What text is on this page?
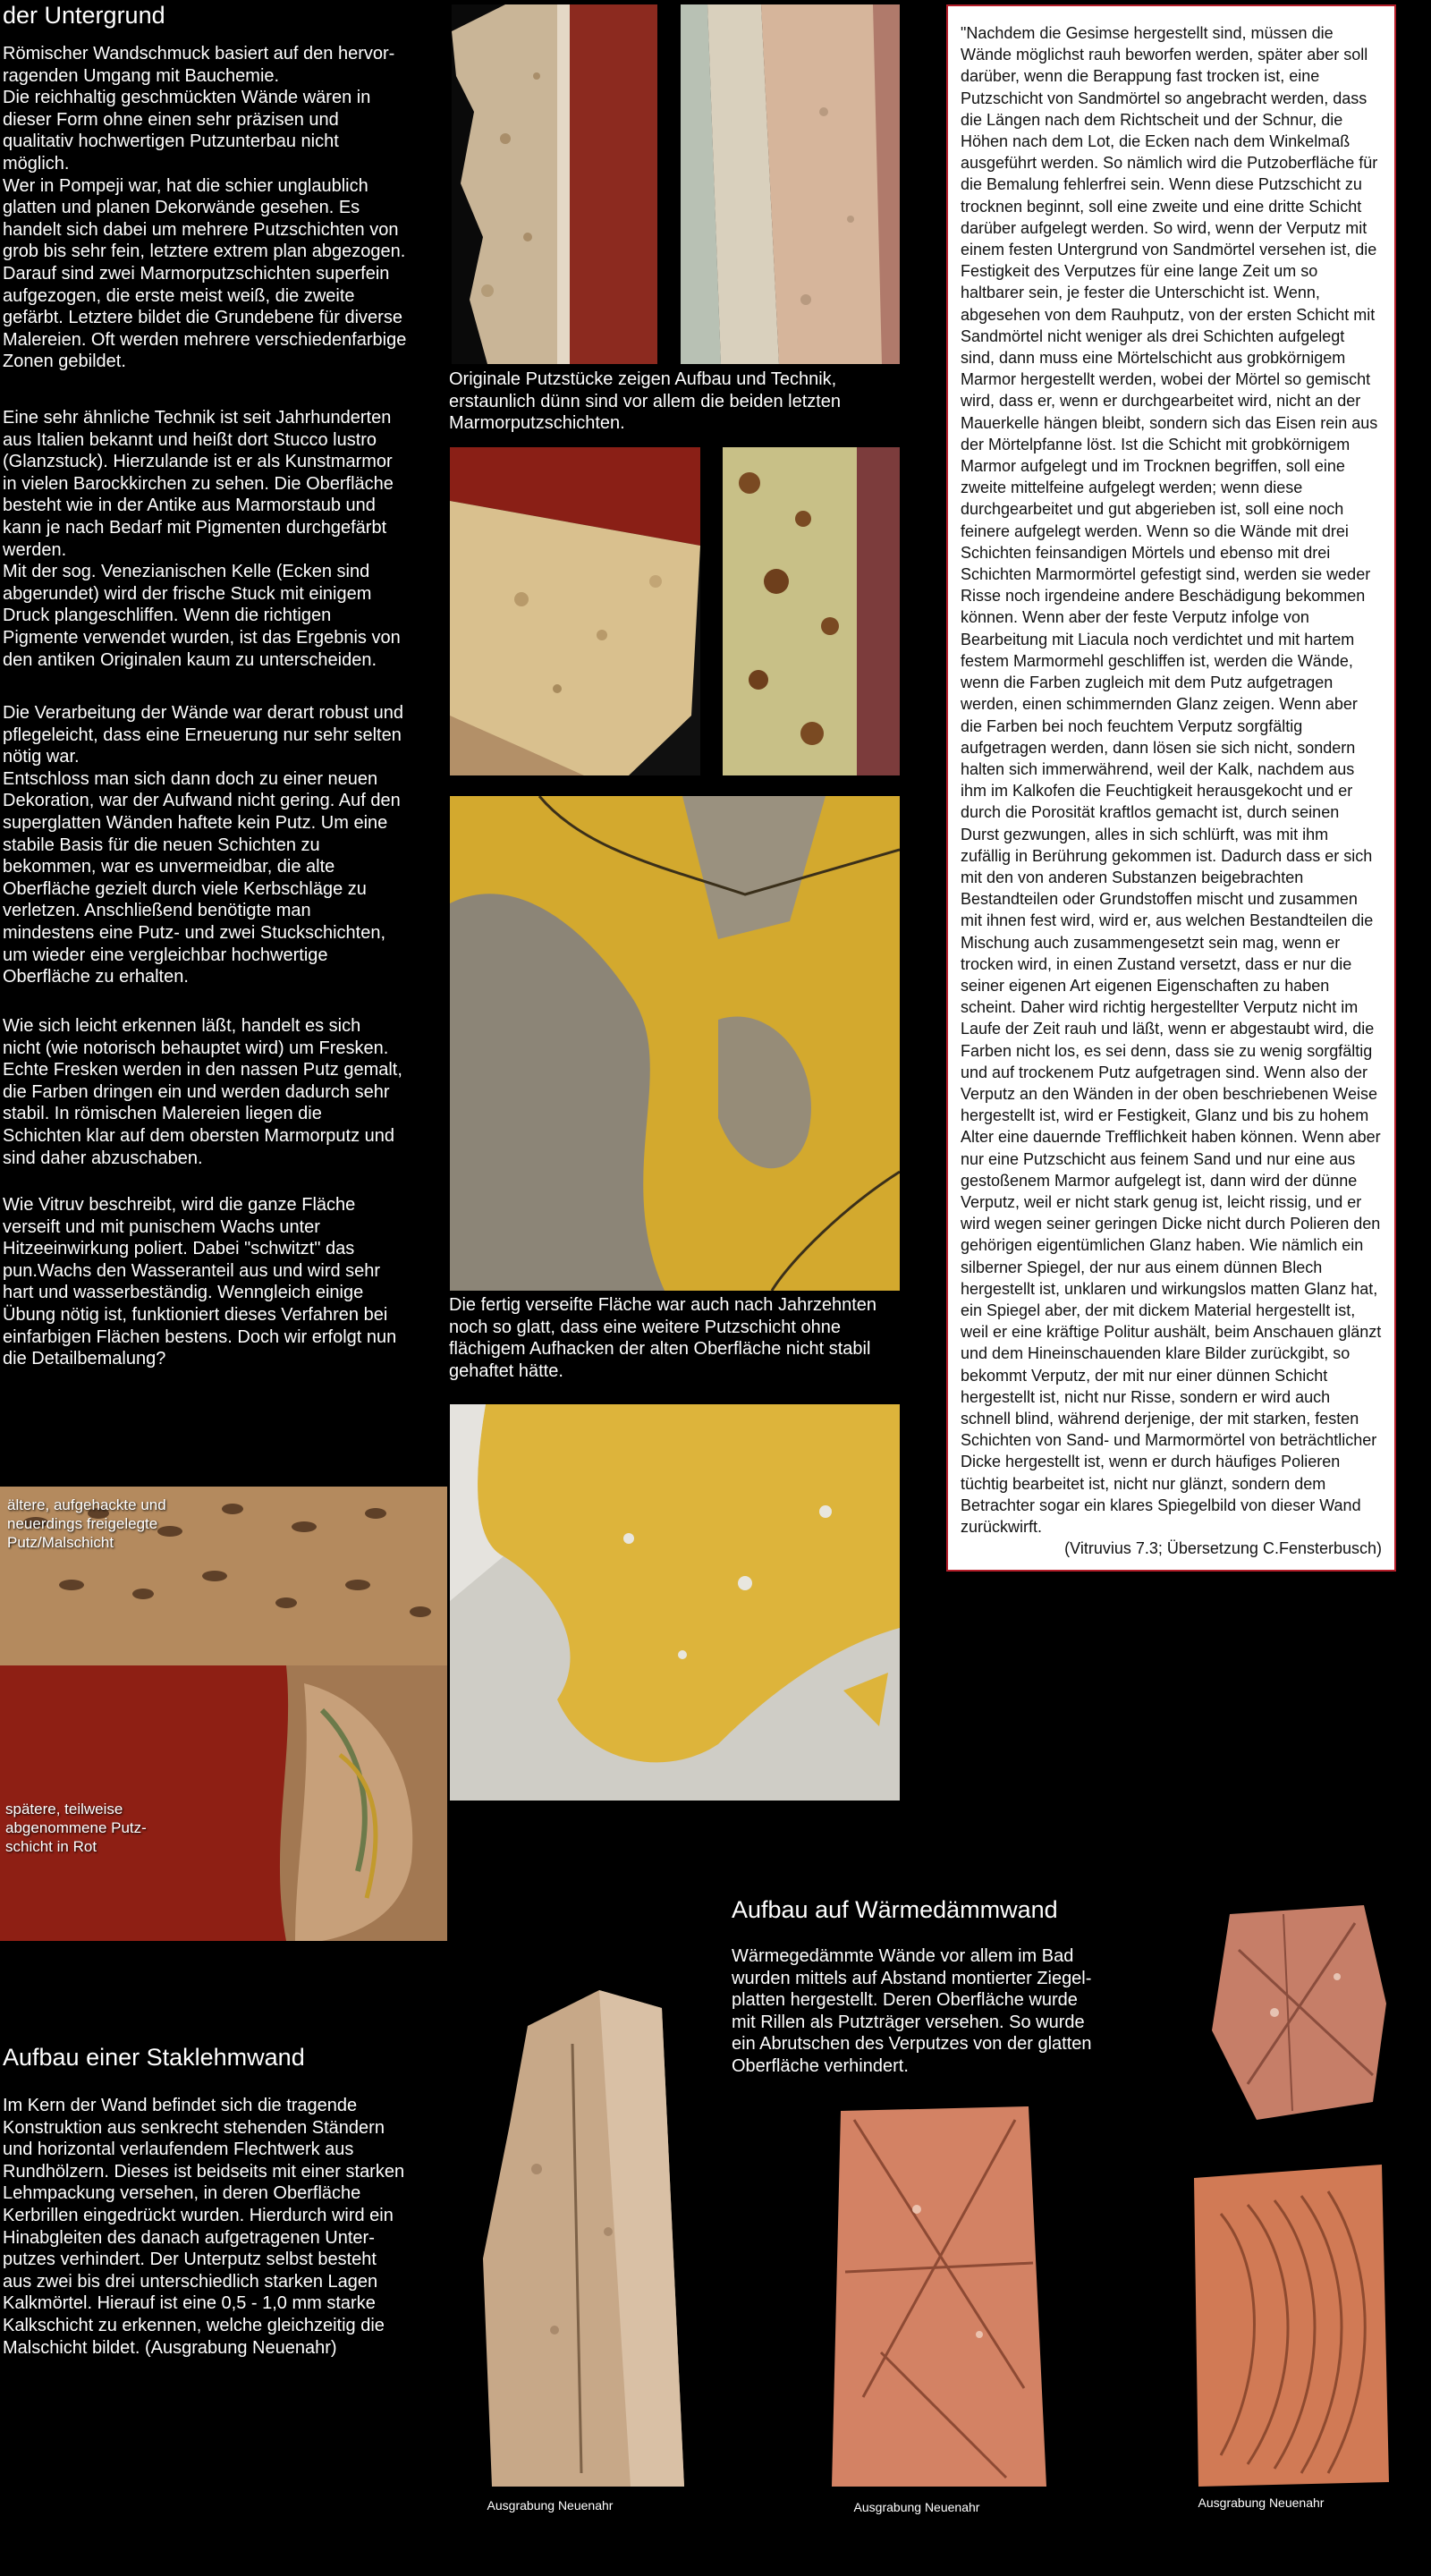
der Untergrund
Römischer Wandschmuck basiert auf den hervor-
ragenden Umgang mit Bauchemie.
Die reichhaltig geschmückten Wände wären in
dieser Form ohne einen sehr präzisen und
qualitativ hochwertigen Putzunterbau nicht
möglich.
Wer in Pompeji war, hat die schier unglaublich
glatten und planen Dekorwände gesehen. Es
handelt sich dabei um mehrere Putzschichten von
grob bis sehr fein, letztere extrem plan abgezogen.
Darauf sind zwei Marmorputzschichten superfein
aufgezogen, die erste meist weiß, die zweite
gefärbt. Letztere bildet die Grundebene für diverse
Malereien. Oft werden mehrere verschiedenfarbige
Zonen gebildet.
Eine sehr ähnliche Technik ist seit Jahrhunderten
aus Italien bekannt und heißt dort Stucco lustro
(Glanzstuck). Hierzulande ist er als Kunstmarmor
in vielen Barockkirchen zu sehen. Die Oberfläche
besteht wie in der Antike aus Marmorstaub und
kann je nach Bedarf mit Pigmenten durchgefärbt
werden.
Mit der sog. Venezianischen Kelle (Ecken sind
abgerundet) wird der frische Stuck mit einigem
Druck plangeschliffen. Wenn die richtigen
Pigmente verwendet wurden, ist das Ergebnis von
den antiken Originalen kaum zu unterscheiden.
Die Verarbeitung der Wände war derart robust und
pflegeleicht, dass eine Erneuerung nur sehr selten
nötig war.
Entschloss man sich dann doch zu einer neuen
Dekoration, war der Aufwand nicht gering. Auf den
superglatten Wänden haftete kein Putz. Um eine
stabile Basis für die neuen Schichten zu
bekommen, war es unvermeidbar, die alte
Oberfläche gezielt durch viele Kerbschläge zu
verletzen. Anschließend benötigte man
mindestens eine Putz- und zwei Stuckschichten,
um wieder eine vergleichbar hochwertige
Oberfläche zu erhalten.
Wie sich leicht erkennen läßt, handelt es sich
nicht (wie notorisch behauptet wird) um Fresken.
Echte Fresken werden in den nassen Putz gemalt,
die Farben dringen ein und werden dadurch sehr
stabil. In römischen Malereien liegen die
Schichten klar auf dem obersten Marmorputz und
sind daher abzuschaben.
Wie Vitruv beschreibt, wird die ganze Fläche
verseift und mit punischem Wachs unter
Hitzeeinwirkung poliert. Dabei "schwitzt" das
pun.Wachs den Wasseranteil aus und wird sehr
hart und wasserbeständig. Wenngleich einige
Übung nötig ist, funktioniert dieses Verfahren bei
einfarbigen Flächen bestens. Doch wir erfolgt nun
die Detailbemalung?
Originale Putzstücke zeigen Aufbau und Technik,
erstaunlich dünn sind vor allem die beiden letzten
Marmorputzschichten.
Die fertig verseifte Fläche war auch nach Jahrzehnten
noch so glatt, dass eine weitere Putzschicht ohne
flächigem Aufhacken der alten Oberfläche nicht stabil
gehaftet hätte.
"Nachdem die Gesimse hergestellt sind, müssen die Wände möglichst rauh beworfen werden, später aber soll darüber, wenn die Berappung fast trocken ist, eine Putzschicht von Sandmörtel so angebracht werden, dass die Längen nach dem Richtscheit und der Schnur, die Höhen nach dem Lot, die Ecken nach dem Winkelmaß ausgeführt werden. So nämlich wird die Putzoberfläche für die Bemalung fehlerfrei sein. Wenn diese Putzschicht zu trocknen beginnt, soll eine zweite und eine dritte Schicht darüber aufgelegt werden. So wird, wenn der Verputz mit einem festen Untergrund von Sandmörtel versehen ist, die Festigkeit des Verputzes für eine lange Zeit um so haltbarer sein, je fester die Unterschicht ist. Wenn, abgesehen von dem Rauhputz, von der ersten Schicht mit Sandmörtel nicht weniger als drei Schichten aufgelegt sind, dann muss eine Mörtelschicht aus grobkörnigem Marmor hergestellt werden, wobei der Mörtel so gemischt wird, dass er, wenn er durchgearbeitet wird, nicht an der Mauerkelle hängen bleibt, sondern sich das Eisen rein aus der Mörtelpfanne löst. Ist die Schicht mit grobkörnigem Marmor aufgelegt und im Trocknen begriffen, soll eine zweite mittelfeine aufgelegt werden; wenn diese durchgearbeitet und gut abgerieben ist, soll eine noch feinere aufgelegt werden. Wenn so die Wände mit drei Schichten feinsandigen Mörtels und ebenso mit drei Schichten Marmormörtel gefestigt sind, werden sie weder Risse noch irgendeine andere Beschädigung bekommen können. Wenn aber der feste Verputz infolge von Bearbeitung mit Liacula noch verdichtet und mit hartem festem Marmormehl geschliffen ist, werden die Wände, wenn die Farben zugleich mit dem Putz aufgetragen werden, einen schimmernden Glanz zeigen. Wenn aber die Farben bei noch feuchtem Verputz sorgfältig aufgetragen werden, dann lösen sie sich nicht, sondern halten sich immerwährend, weil der Kalk, nachdem aus ihm im Kalkofen die Feuchtigkeit herausgekocht und er durch die Porosität kraftlos gemacht ist, durch seinen Durst gezwungen, alles in sich schlürft, was mit ihm zufällig in Berührung gekommen ist. Dadurch dass er sich mit den von anderen Substanzen beigebrachten Bestandteilen oder Grundstoffen mischt und zusammen mit ihnen fest wird, wird er, aus welchen Bestandteilen die Mischung auch zusammengesetzt sein mag, wenn er trocken wird, in einen Zustand versetzt, dass er nur die seiner eigenen Art eigenen Eigenschaften zu haben scheint. Daher wird richtig hergestellter Verputz nicht im Laufe der Zeit rauh und läßt, wenn er abgestaubt wird, die Farben nicht los, es sei denn, dass sie zu wenig sorgfältig und auf trockenem Putz aufgetragen sind. Wenn also der Verputz an den Wänden in der oben beschriebenen Weise hergestellt ist, wird er Festigkeit, Glanz und bis zu hohem Alter eine dauernde Trefflichkeit haben können. Wenn aber nur eine Putzschicht aus feinem Sand und nur eine aus gestoßenem Marmor aufgelegt ist, dann wird der dünne Verputz, weil er nicht stark genug ist, leicht rissig, und er wird wegen seiner geringen Dicke nicht durch Polieren den gehörigen eigentümlichen Glanz haben. Wie nämlich ein silberner Spiegel, der nur aus einem dünnen Blech hergestellt ist, unklaren und wirkungslos matten Glanz hat, ein Spiegel aber, der mit dickem Material hergestellt ist, weil er eine kräftige Politur aushält, beim Anschauen glänzt und dem Hineinschauenden klare Bilder zurückgibt, so bekommt Verputz, der mit nur einer dünnen Schicht hergestellt ist, nicht nur Risse, sondern er wird auch schnell blind, während derjenige, der mit starken, festen Schichten von Sand- und Marmormörtel von beträchtlicher Dicke hergestellt ist, wenn er durch häufiges Polieren tüchtig bearbeitet ist, nicht nur glänzt, sondern dem Betrachter sogar ein klares Spiegelbild von dieser Wand zurückwirft.
(Vitruvius 7.3; Übersetzung C.Fensterbusch)
ältere, aufgehackte und
neuerdings freigelegte
Putz/Malschicht
spätere, teilweise
abgenommene Putz-
schicht in Rot
Aufbau auf Wärmedämmwand
Wärmegedämmte Wände vor allem im Bad
wurden mittels auf Abstand montierter Ziegel-
platten hergestellt. Deren Oberfläche wurde
mit Rillen als Putzträger versehen. So wurde
ein Abrutschen des Verputzes von der glatten
Oberfläche verhindert.
Aufbau einer Staklehmwand
Im Kern der Wand befindet sich die tragende
Konstruktion aus senkrecht stehenden Ständern
und horizontal verlaufendem Flechtwerk aus
Rundhölzern. Dieses ist beidseits mit einer starken
Lehmpackung versehen, in deren Oberfläche
Kerbrillen eingedrückt wurden. Hierdurch wird ein
Hinabgleiten des danach aufgetragenen Unter-
putzes verhindert. Der Unterputz selbst besteht
aus zwei bis drei unterschiedlich starken Lagen
Kalkmörtel. Hierauf ist eine 0,5 - 1,0 mm starke
Kalkschicht zu erkennen, welche gleichzeitig die
Malschicht bildet. (Ausgrabung Neuenahr)
Ausgrabung Neuenahr	Ausgrabung Neuenahr	Ausgrabung Neuenahr
